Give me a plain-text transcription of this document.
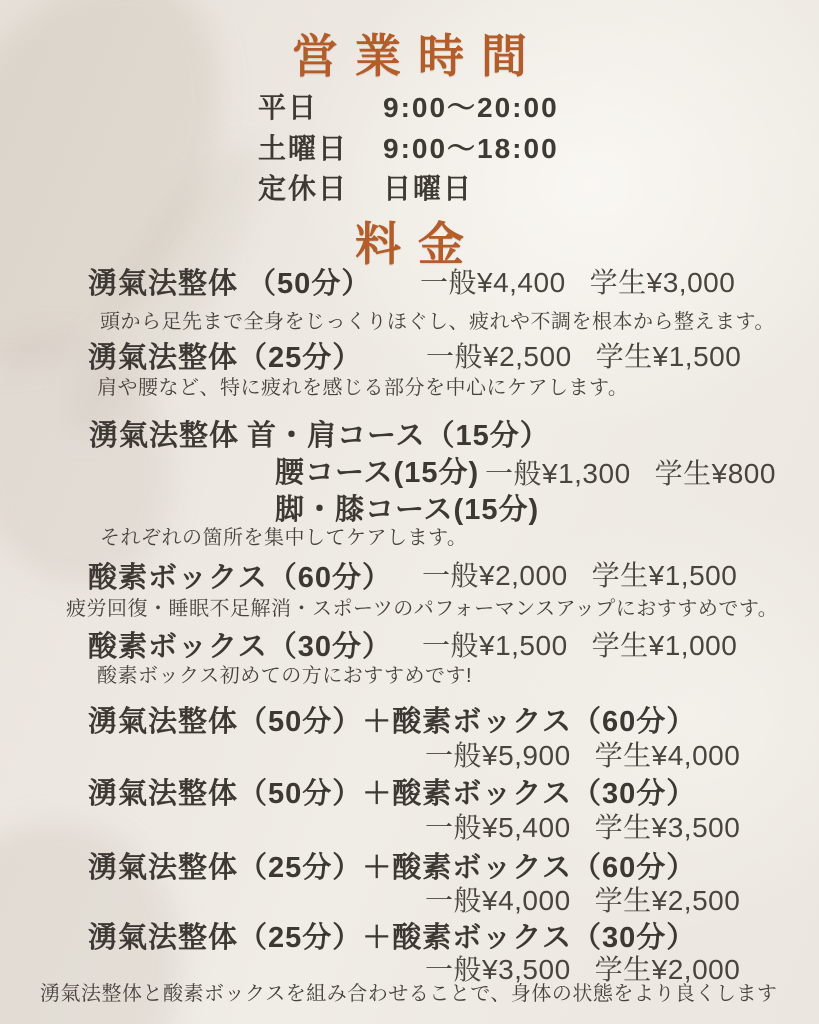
営業時間
平日 9:00〜20:00
土曜日 9:00〜18:00
定休日 日曜日
料金
湧氣法整体 （50分） 一般¥4,400 学生¥3,000
頭から足先まで全身をじっくりほぐし、疲れや不調を根本から整えます。
湧氣法整体（25分） 一般¥2,500 学生¥1,500
肩や腰など、特に疲れを感じる部分を中心にケアします。
湧氣法整体 首・肩コース（15分）
腰コース(15分) 一般¥1,300 学生¥800
脚・膝コース(15分)
それぞれの箇所を集中してケアします。
酸素ボックス（60分） 一般¥2,000 学生¥1,500
疲労回復・睡眠不足解消・スポーツのパフォーマンスアップにおすすめです。
酸素ボックス（30分） 一般¥1,500 学生¥1,000
酸素ボックス初めての方におすすめです!
湧氣法整体（50分）＋酸素ボックス（60分）
一般¥5,900 学生¥4,000
湧氣法整体（50分）＋酸素ボックス（30分）
一般¥5,400 学生¥3,500
湧氣法整体（25分）＋酸素ボックス（60分）
一般¥4,000 学生¥2,500
湧氣法整体（25分）＋酸素ボックス（30分）
一般¥3,500 学生¥2,000
湧氣法整体と酸素ボックスを組み合わせることで、身体の状態をより良くします
